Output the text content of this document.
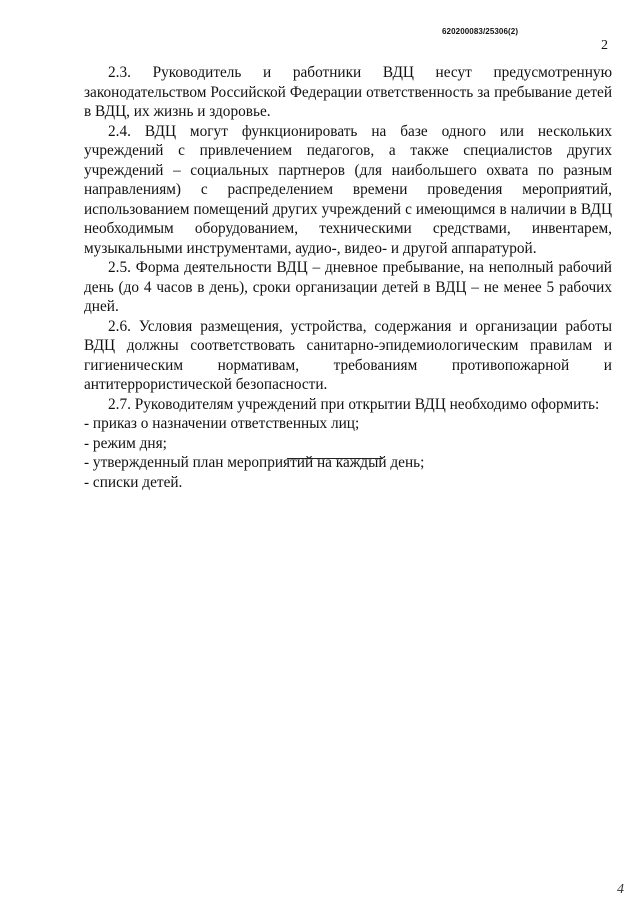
620200083/25306(2)
2

2.3. Руководитель и работники ВДЦ несут предусмотренную законодательством Российской Федерации ответственность за пребывание детей в ВДЦ, их жизнь и здоровье.

2.4. ВДЦ могут функционировать на базе одного или нескольких учреждений с привлечением педагогов, а также специалистов других учреждений – социальных партнеров (для наибольшего охвата по разным направлениям) с распределением времени проведения мероприятий, использованием помещений других учреждений с имеющимся в наличии в ВДЦ необходимым оборудованием, техническими средствами, инвентарем, музыкальными инструментами, аудио-, видео- и другой аппаратурой.

2.5. Форма деятельности ВДЦ – дневное пребывание, на неполный рабочий день (до 4 часов в день), сроки организации детей в ВДЦ – не менее 5 рабочих дней.

2.6. Условия размещения, устройства, содержания и организации работы ВДЦ должны соответствовать санитарно-эпидемиологическим правилам и гигиеническим нормативам, требованиям противопожарной и антитеррористической безопасности.

2.7. Руководителям учреждений при открытии ВДЦ необходимо оформить:

- приказ о назначении ответственных лиц;

- режим дня;

- утвержденный план мероприятий на каждый день;

- списки детей.

4
